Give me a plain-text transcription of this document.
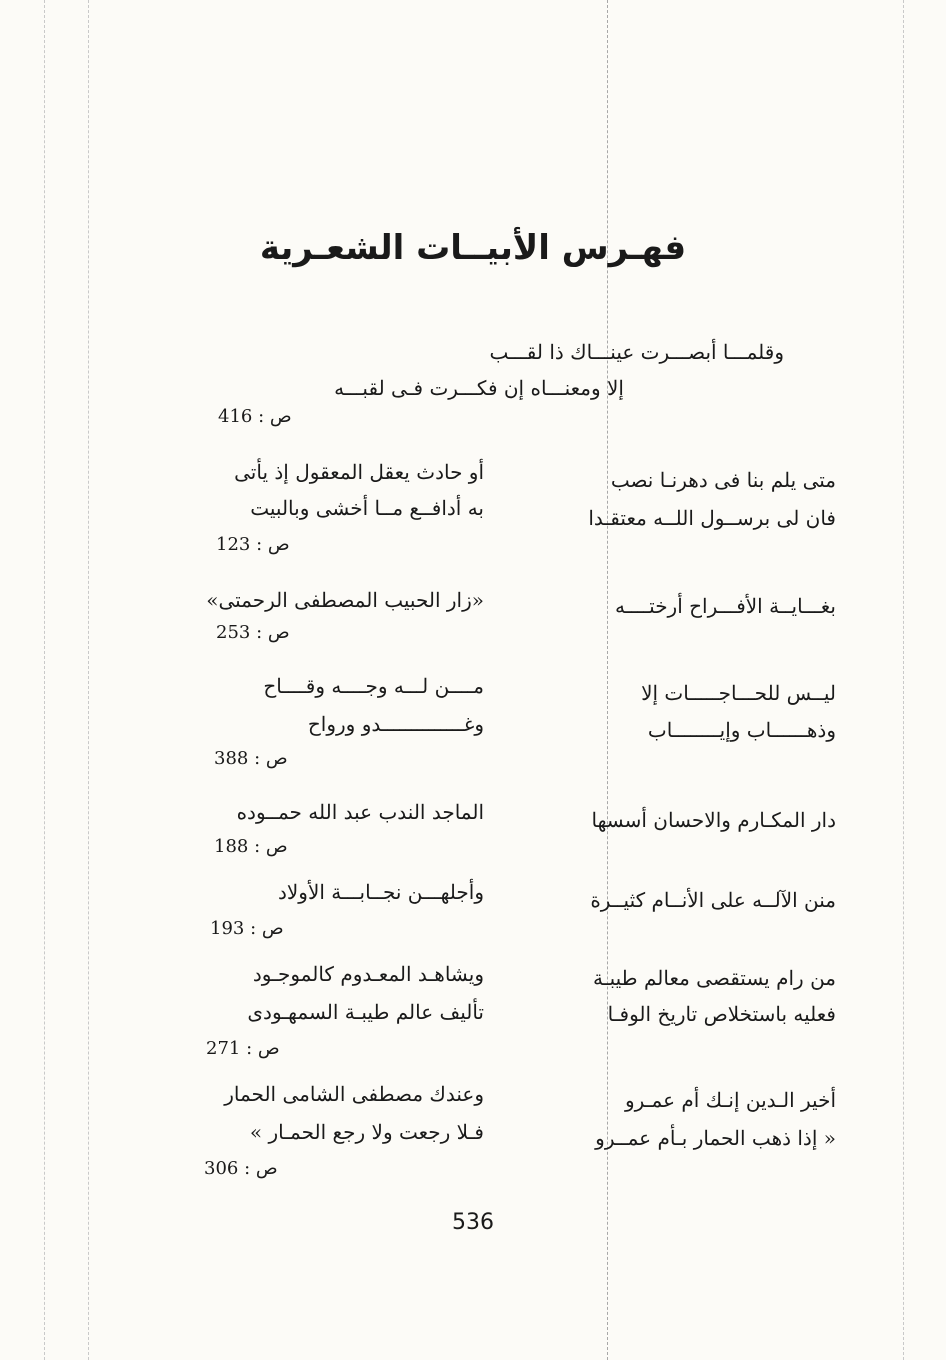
فهـرس الأبيــات الشعـرية
وقلمـــا أبصـــرت عينـــاك ذا لقـــب
إلا ومعنـــاه إن فكـــرت فـى لقبـــه
ص : 416
متى يلم بنا فى دهرنـا نصب
فان لى برســول اللــه معتقـدا
أو حادث يعقل المعقول إذ يأتى
به أدافــع مــا أخشى وبالبيت
ص : 123
بغـــايــة الأفـــراح أرختــــه
«زار الحبيب المصطفى الرحمتى»
ص : 253
ليــس للحـــاجـــــات إلا
وذهــــــاب وإيــــــــاب
مــــن لـــه وجــــه وقــــاح
وغــــــــــــــدو ورواح
ص : 388
دار المكـارم والاحسان أسسها
الماجد الندب عبد الله حمــوده
ص : 188
منن الآلــه على الأنــام كثيــرة
وأجلهـــن نجــابـــة الأولاد
ص : 193
من رام يستقصى معالم طيبـة
فعليه باستخلاص تاريخ الوفـا
ويشاهـد المعـدوم كالموجـود
تأليف عالم طيبـة السمهـودى
ص : 271
أخير الـدين إنـك أم عمـرو
« إذا ذهب الحمار بـأم عمــرو
وعندك مصطفى الشامى الحمار
فـلا رجعت ولا رجع الحمـار »
ص : 306
536
